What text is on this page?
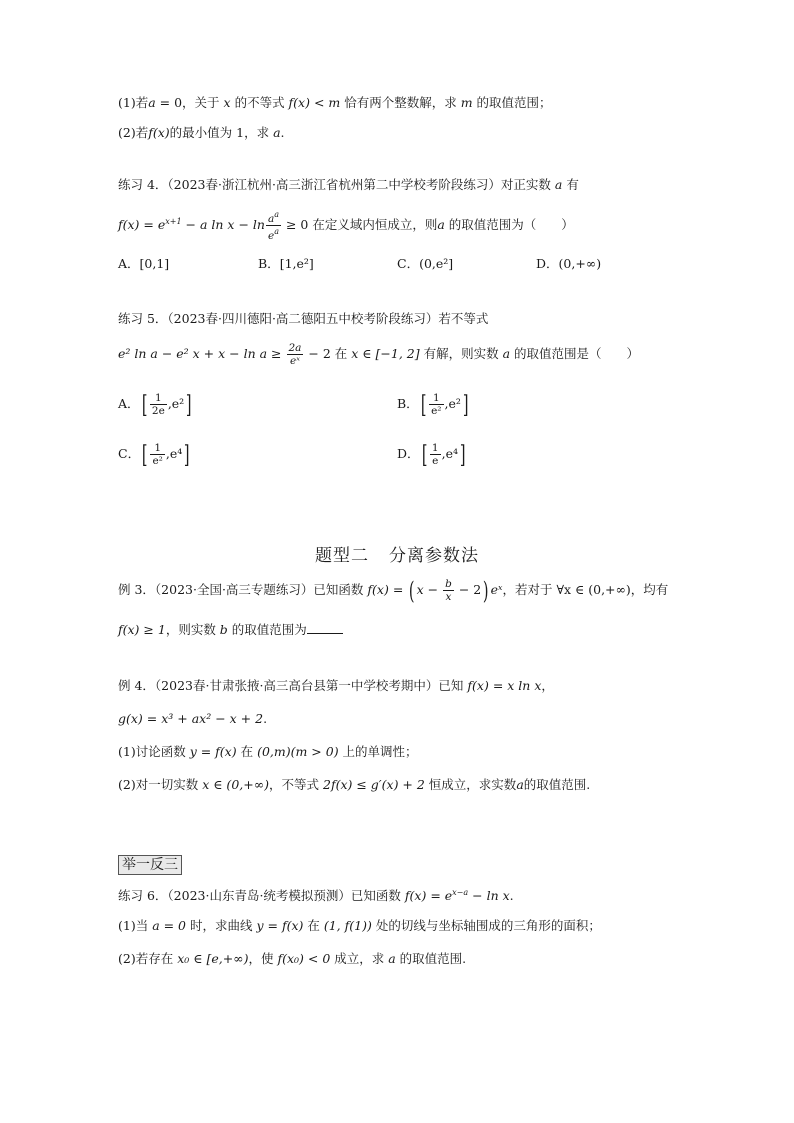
(1)若a = 0，关于 x 的不等式 f(x) < m 恰有两个整数解，求 m 的取值范围；
(2)若f(x)的最小值为 1，求 a.
练习 4．（2023春·浙江杭州·高三浙江省杭州第二中学校考阶段练习）对正实数 a 有
$f(x) = e^{x+1} - a$ $\ln x - \ln \frac{a^a}{e^a} \ge 0$ 在定义域内恒成立，则a 的取值范围为（　　）
A．[0,1]	B．[1,e²]	C．(0,e²]	D．(0,+∞)
练习 5．（2023春·四川德阳·高二德阳五中校考阶段练习）若不等式
e² ln a − e² $x + x - \ln a \ge \frac{2a}{\text{eˣ}} - 2$ 在 x ∈ [−1, 2] 有解，则实数 a 的取值范围是（　　）
A．[ $\frac{1}{2e} ,e^2$]	B．[ $\frac{1}{\text{e²}} ,e^2$]
C．[ $\frac{1}{\text{e²}} ,e^4$]	D．[ $\frac{1}{e} ,e^4$]
题型二 分离参数法
例 3．（2023·全国·高三专题练习）已知函数 f(x) = ( $x - \frac{b}{x} - 2$) eˣ，若对于 ∀x ∈ (0,+∞)，均有
f(x) ≥ 1，则实数 b 的取值范围为
例 4．（2023春·甘肃张掖·高三高台县第一中学校考期中）已知 f(x) = x ln x，
g(x) = x³ + ax² − x + 2.
(1)讨论函数 y = f(x) 在 (0,m)(m > 0) 上的单调性；
(2)对一切实数 x ∈ (0,+∞)，不等式 2f(x) ≤ g′(x) + 2 恒成立，求实数a的取值范围.
举一反三
练习 6．（2023·山东青岛·统考模拟预测）已知函数 $f(x) = e^{x-a} - \ln x$.
(1)当 a = 0 时，求曲线 y = f(x) 在 (1, f(1)) 处的切线与坐标轴围成的三角形的面积；
(2)若存在 x₀ ∈ [e,+∞)，使 f(x₀) < 0 成立，求 a 的取值范围.
